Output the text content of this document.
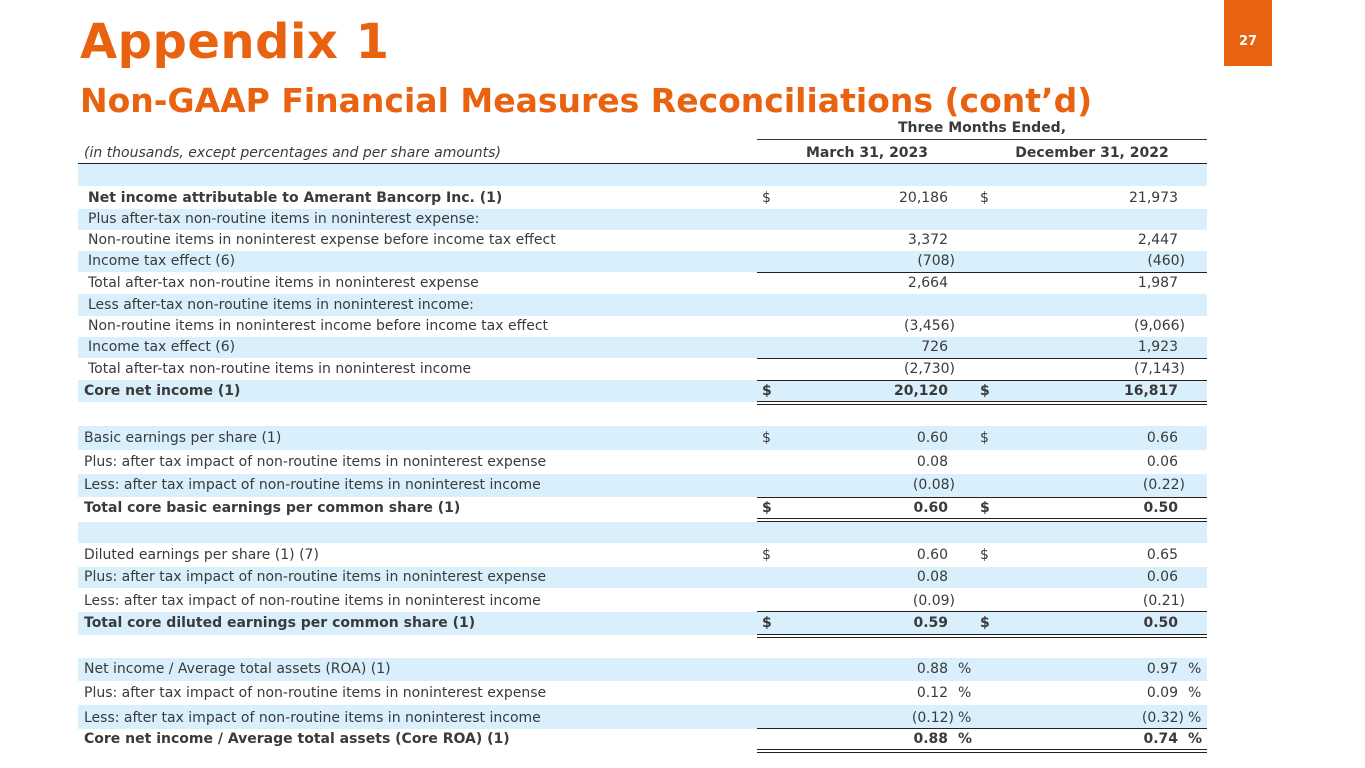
Appendix 1
Non-GAAP Financial Measures Reconciliations (cont’d)
27
Three Months Ended,
(in thousands, except percentages and per share amounts)	March 31, 2023	December 31, 2022
Net income attributable to Amerant Bancorp Inc. (1)	$	20,186 $	21,973
Plus after-tax non-routine items in noninterest expense:
Non-routine items in noninterest expense before income tax effect	3,372	2,447
Income tax effect (6)	(708)	(460)
Total after-tax non-routine items in noninterest expense	2,664	1,987
Less after-tax non-routine items in noninterest income:
Non-routine items in noninterest income before income tax effect	(3,456)	(9,066)
Income tax effect (6)	726	1,923
Total after-tax non-routine items in noninterest income	(2,730)	(7,143)
Core net income (1)	$	20,120 $	16,817
Basic earnings per share (1)	$	0.60 $	0.66
Plus: after tax impact of non-routine items in noninterest expense	0.08	0.06
Less: after tax impact of non-routine items in noninterest income	(0.08)	(0.22)
Total core basic earnings per common share (1)	$	0.60 $	0.50
Diluted earnings per share (1) (7)	$	0.60 $	0.65
Plus: after tax impact of non-routine items in noninterest expense	0.08	0.06
Less: after tax impact of non-routine items in noninterest income	(0.09)	(0.21)
Total core diluted earnings per common share (1)	$	0.59 $	0.50
Net income / Average total assets (ROA) (1)	0.88 %	0.97 %
Plus: after tax impact of non-routine items in noninterest expense	0.12 %	0.09 %
Less: after tax impact of non-routine items in noninterest income	(0.12) %	(0.32) %
Core net income / Average total assets (Core ROA) (1)	0.88 %	0.74 %
